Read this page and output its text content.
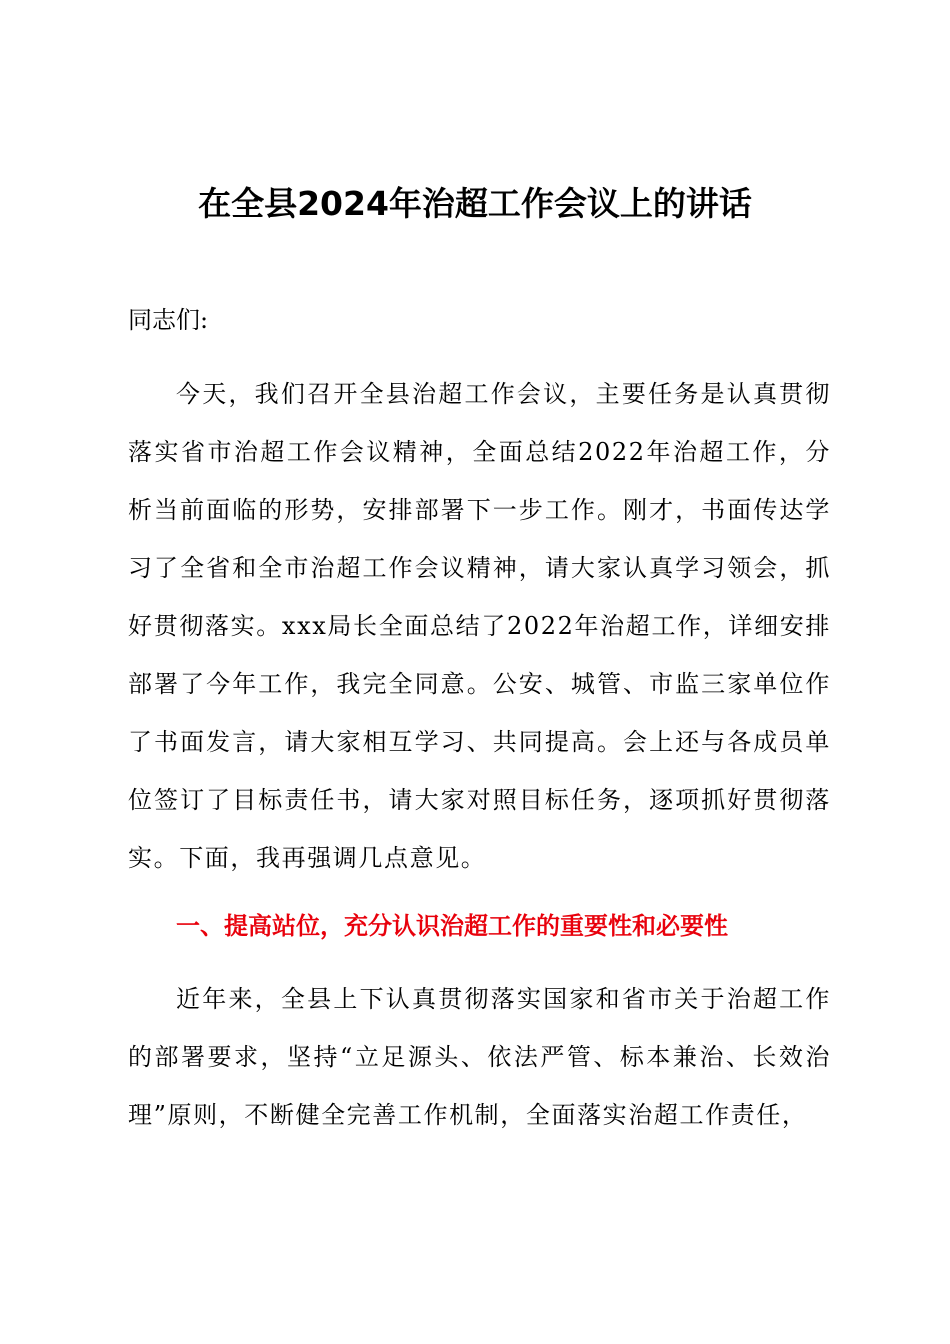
在全县2024年治超工作会议上的讲话
同志们:
今天，我们召开全县治超工作会议，主要任务是认真贯彻落实省市治超工作会议精神，全面总结2022年治超工作，分析当前面临的形势，安排部署下一步工作。刚才，书面传达学习了全省和全市治超工作会议精神，请大家认真学习领会，抓好贯彻落实。xxx局长全面总结了2022年治超工作，详细安排部署了今年工作，我完全同意。公安、城管、市监三家单位作了书面发言，请大家相互学习、共同提高。会上还与各成员单位签订了目标责任书，请大家对照目标任务，逐项抓好贯彻落实。下面，我再强调几点意见。
一、提高站位，充分认识治超工作的重要性和必要性
近年来，全县上下认真贯彻落实国家和省市关于治超工作的部署要求，坚持“立足源头、依法严管、标本兼治、长效治理”原则，不断健全完善工作机制，全面落实治超工作责任，
